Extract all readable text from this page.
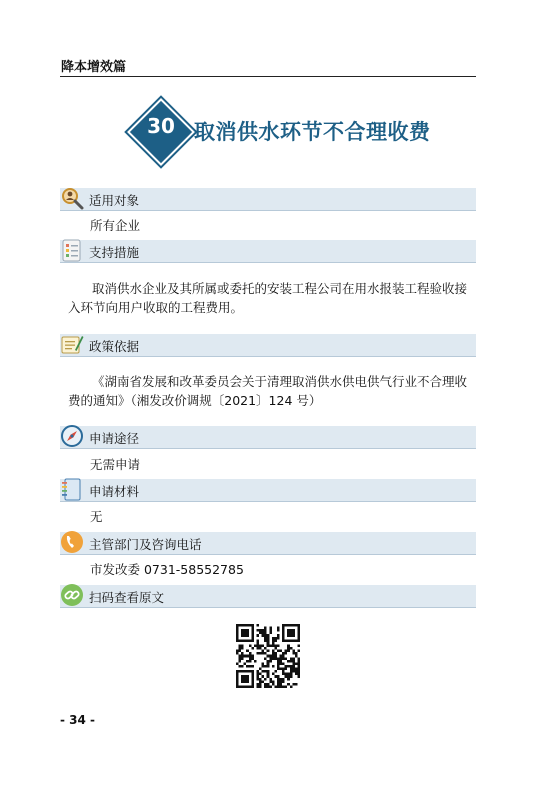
降本增效篇
30 取消供水环节不合理收费
适用对象
所有企业
支持措施
取消供水企业及其所属或委托的安装工程公司在用水报装工程验收接入环节向用户收取的工程费用。
政策依据
《湖南省发展和改革委员会关于清理取消供水供电供气行业不合理收费的通知》（湘发改价调规〔2021〕124 号）
申请途径
无需申请
申请材料
无
主管部门及咨询电话
市发改委 0731-58552785
扫码查看原文
- 34 -
